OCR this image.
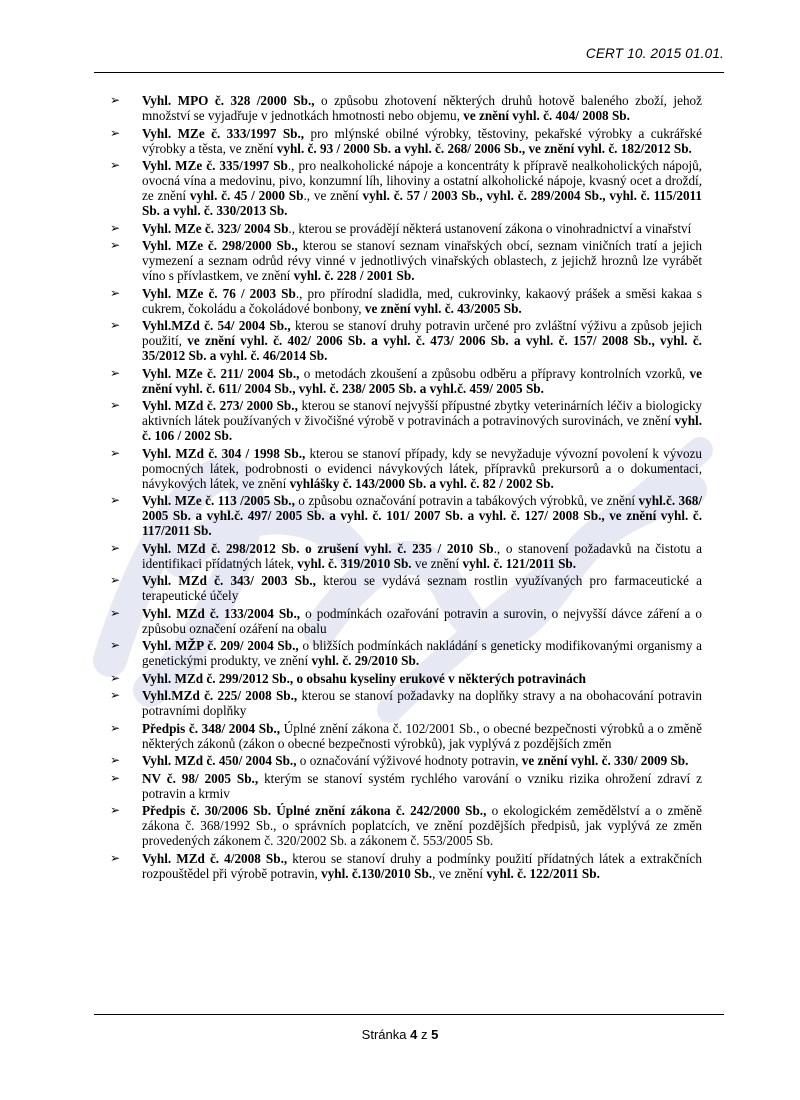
CERT 10. 2015 01.01.
➢ Vyhl. MPO č. 328 /2000 Sb., o způsobu zhotovení některých druhů hotově baleného zboží, jehož množství se vyjadřuje v jednotkách hmotnosti nebo objemu, ve znění vyhl. č. 404/ 2008 Sb.
➢ Vyhl. MZe č. 333/1997 Sb., pro mlýnské obilné výrobky, těstoviny, pekařské výrobky a cukrářské výrobky a těsta, ve znění vyhl. č. 93 / 2000 Sb. a vyhl. č. 268/ 2006 Sb., ve znění vyhl. č. 182/2012 Sb.
➢ Vyhl. MZe č. 335/1997 Sb., pro nealkoholické nápoje a koncentráty k přípravě nealkoholických nápojů, ovocná vína a medovinu, pivo, konzumní líh, lihoviny a ostatní alkoholické nápoje, kvasný ocet a droždí, ze znění vyhl. č. 45 / 2000 Sb., ve znění vyhl. č. 57 / 2003 Sb., vyhl. č. 289/2004 Sb., vyhl. č. 115/2011 Sb. a vyhl. č. 330/2013 Sb.
➢ Vyhl. MZe č. 323/ 2004 Sb., kterou se provádějí některá ustanovení zákona o vinohradnictví a vinařství
➢ Vyhl. MZe č. 298/2000 Sb., kterou se stanoví seznam vinařských obcí, seznam viničních tratí a jejich vymezení a seznam odrůd révy vinné v jednotlivých vinařských oblastech, z jejichž hroznů lze vyrábět víno s přívlastkem, ve znění vyhl. č. 228 / 2001 Sb.
➢ Vyhl. MZe č. 76 / 2003 Sb., pro přírodní sladidla, med, cukrovinky, kakaový prášek a směsi kakaa s cukrem, čokoládu a čokoládové bonbony, ve znění vyhl. č. 43/2005 Sb.
➢ Vyhl.MZd č. 54/ 2004 Sb., kterou se stanoví druhy potravin určené pro zvláštní výživu a způsob jejich použití, ve znění vyhl. č. 402/ 2006 Sb. a vyhl. č. 473/ 2006 Sb. a vyhl. č. 157/ 2008 Sb., vyhl. č. 35/2012 Sb. a vyhl. č. 46/2014 Sb.
➢ Vyhl. MZe č. 211/ 2004 Sb., o metodách zkoušení a způsobu odběru a přípravy kontrolních vzorků, ve znění vyhl. č. 611/ 2004 Sb., vyhl. č. 238/ 2005 Sb. a vyhl.č. 459/ 2005 Sb.
➢ Vyhl. MZd č. 273/ 2000 Sb., kterou se stanoví nejvyšší přípustné zbytky veterinárních léčiv a biologicky aktivních látek používaných v živočišné výrobě v potravinách a potravinových surovinách, ve znění vyhl. č. 106 / 2002 Sb.
➢ Vyhl. MZd č. 304 / 1998 Sb., kterou se stanoví případy, kdy se nevyžaduje vývozní povolení k vývozu pomocných látek, podrobnosti o evidenci návykových látek, přípravků prekursorů a o dokumentaci, návykových látek, ve znění vyhlášky č. 143/2000 Sb. a vyhl. č. 82 / 2002 Sb.
➢ Vyhl. MZe č. 113 /2005 Sb., o způsobu označování potravin a tabákových výrobků, ve znění vyhl.č. 368/ 2005 Sb. a vyhl.č. 497/ 2005 Sb. a vyhl. č. 101/ 2007 Sb. a vyhl. č. 127/ 2008 Sb., ve znění vyhl. č. 117/2011 Sb.
➢ Vyhl. MZd č. 298/2012 Sb. o zrušení vyhl. č. 235 / 2010 Sb., o stanovení požadavků na čistotu a identifikaci přídatných látek, vyhl. č. 319/2010 Sb. ve znění vyhl. č. 121/2011 Sb.
➢ Vyhl. MZd č. 343/ 2003 Sb., kterou se vydává seznam rostlin využívaných pro farmaceutické a terapeutické účely
➢ Vyhl. MZd č. 133/2004 Sb., o podmínkách ozařování potravin a surovin, o nejvyšší dávce záření a o způsobu označení ozáření na obalu
➢ Vyhl. MŽP č. 209/ 2004 Sb., o bližších podmínkách nakládání s geneticky modifikovanými organismy a genetickými produkty, ve znění vyhl. č. 29/2010 Sb.
➢ Vyhl. MZd č. 299/2012 Sb., o obsahu kyseliny erukové v některých potravinách
➢ Vyhl.MZd č. 225/ 2008 Sb., kterou se stanoví požadavky na doplňky stravy a na obohacování potravin potravními doplňky
➢ Předpis č. 348/ 2004 Sb., Úplné znění zákona č. 102/2001 Sb., o obecné bezpečnosti výrobků a o změně některých zákonů (zákon o obecné bezpečnosti výrobků), jak vyplývá z pozdějších změn
➢ Vyhl. MZd č. 450/ 2004 Sb., o označování výživové hodnoty potravin, ve znění vyhl. č. 330/ 2009 Sb.
➢ NV č. 98/ 2005 Sb., kterým se stanoví systém rychlého varování o vzniku rizika ohrožení zdraví z potravin a krmiv
➢ Předpis č. 30/2006 Sb. Úplné znění zákona č. 242/2000 Sb., o ekologickém zemědělství a o změně zákona č. 368/1992 Sb., o správních poplatcích, ve znění pozdějších předpisů, jak vyplývá ze změn provedených zákonem č. 320/2002 Sb. a zákonem č. 553/2005 Sb.
➢ Vyhl. MZd č. 4/2008 Sb., kterou se stanoví druhy a podmínky použití přídatných látek a extrakčních rozpouštědel při výrobě potravin, vyhl. č.130/2010 Sb., ve znění vyhl. č. 122/2011 Sb.
Stránka 4 z 5
